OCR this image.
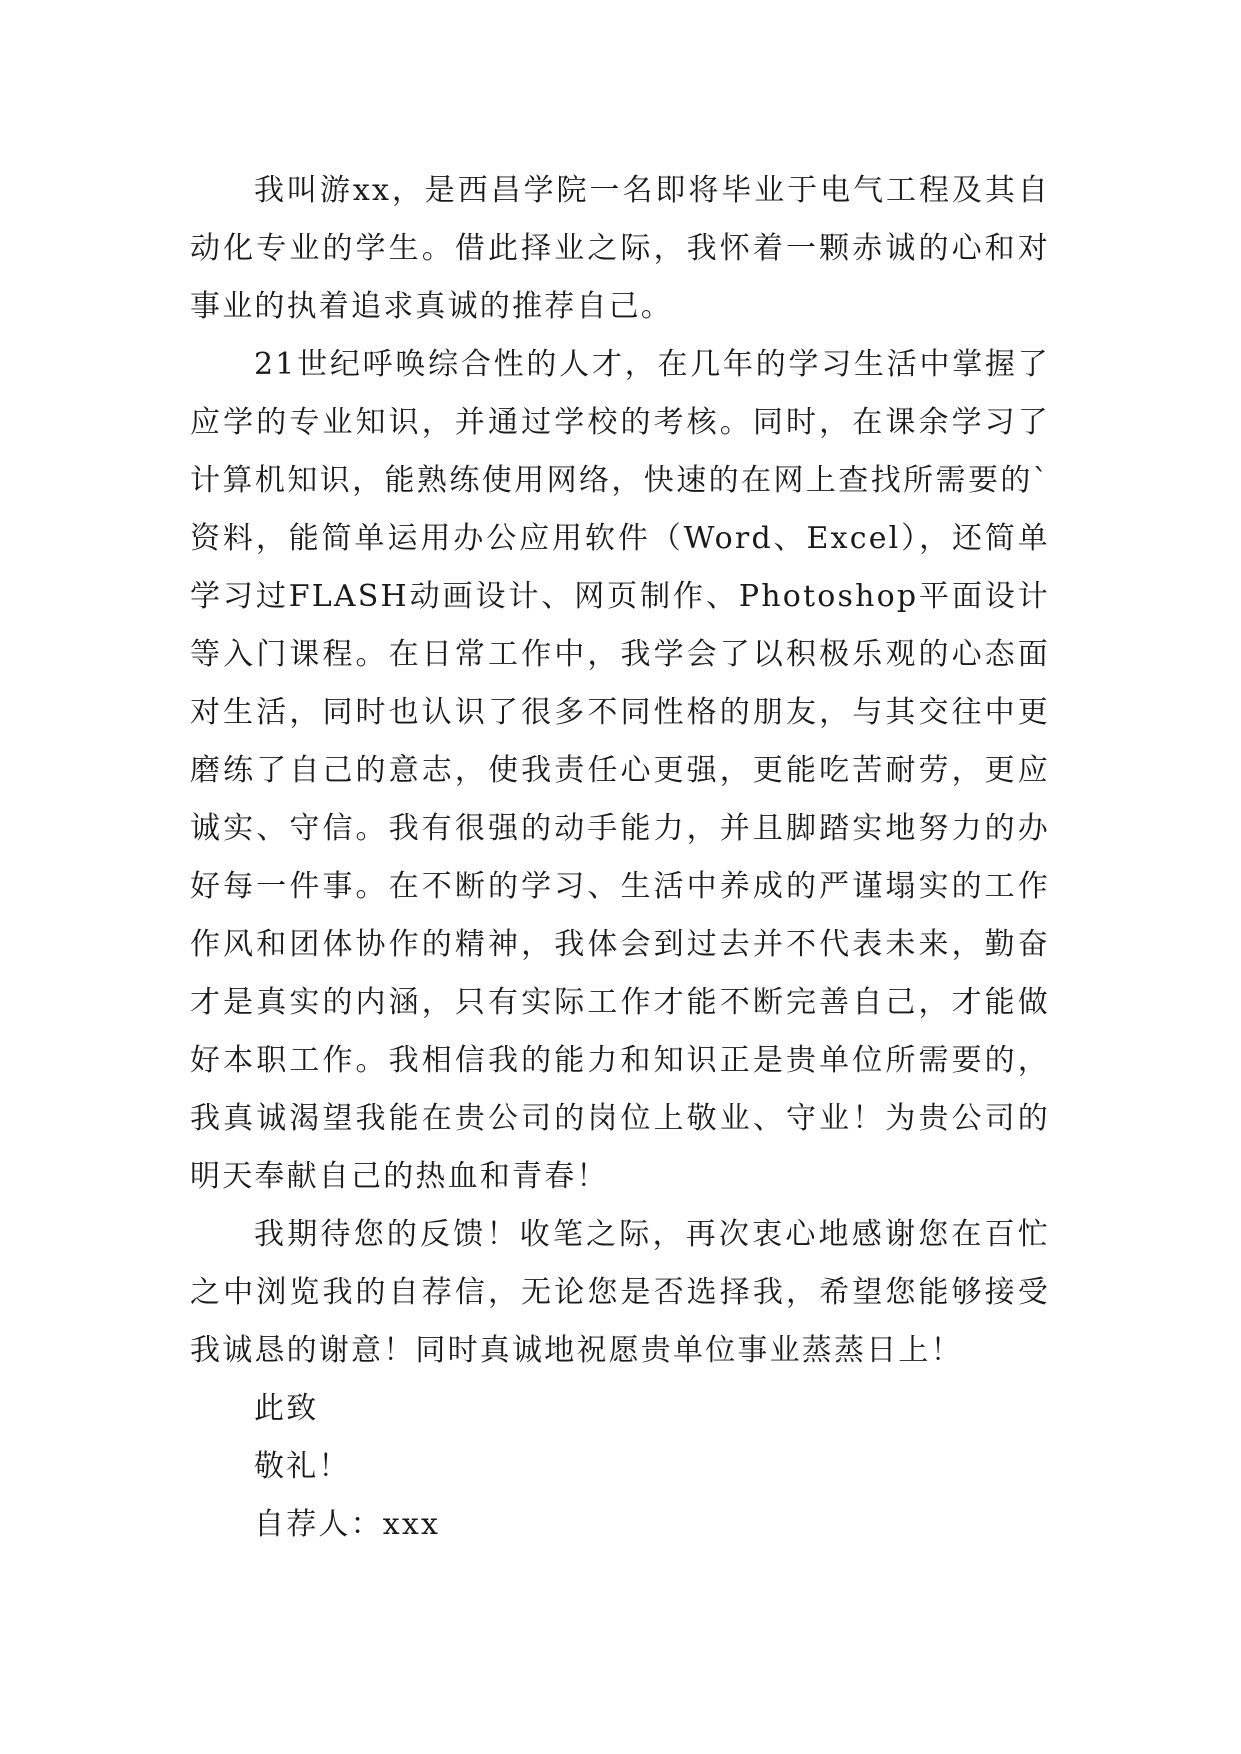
我叫游xx，是西昌学院一名即将毕业于电气工程及其自动化专业的学生。借此择业之际，我怀着一颗赤诚的心和对事业的执着追求真诚的推荐自己。

21世纪呼唤综合性的人才，在几年的学习生活中掌握了应学的专业知识，并通过学校的考核。同时，在课余学习了计算机知识，能熟练使用网络，快速的在网上查找所需要的`资料，能简单运用办公应用软件（Word、Excel），还简单学习过FLASH动画设计、网页制作、Photoshop平面设计等入门课程。在日常工作中，我学会了以积极乐观的心态面对生活，同时也认识了很多不同性格的朋友，与其交往中更磨练了自己的意志，使我责任心更强，更能吃苦耐劳，更应诚实、守信。我有很强的动手能力，并且脚踏实地努力的办好每一件事。在不断的学习、生活中养成的严谨塌实的工作作风和团体协作的精神，我体会到过去并不代表未来，勤奋才是真实的内涵，只有实际工作才能不断完善自己，才能做好本职工作。我相信我的能力和知识正是贵单位所需要的，我真诚渴望我能在贵公司的岗位上敬业、守业！为贵公司的明天奉献自己的热血和青春！

我期待您的反馈！收笔之际，再次衷心地感谢您在百忙之中浏览我的自荐信，无论您是否选择我，希望您能够接受我诚恳的谢意！同时真诚地祝愿贵单位事业蒸蒸日上！

此致

敬礼！

自荐人：xxx
